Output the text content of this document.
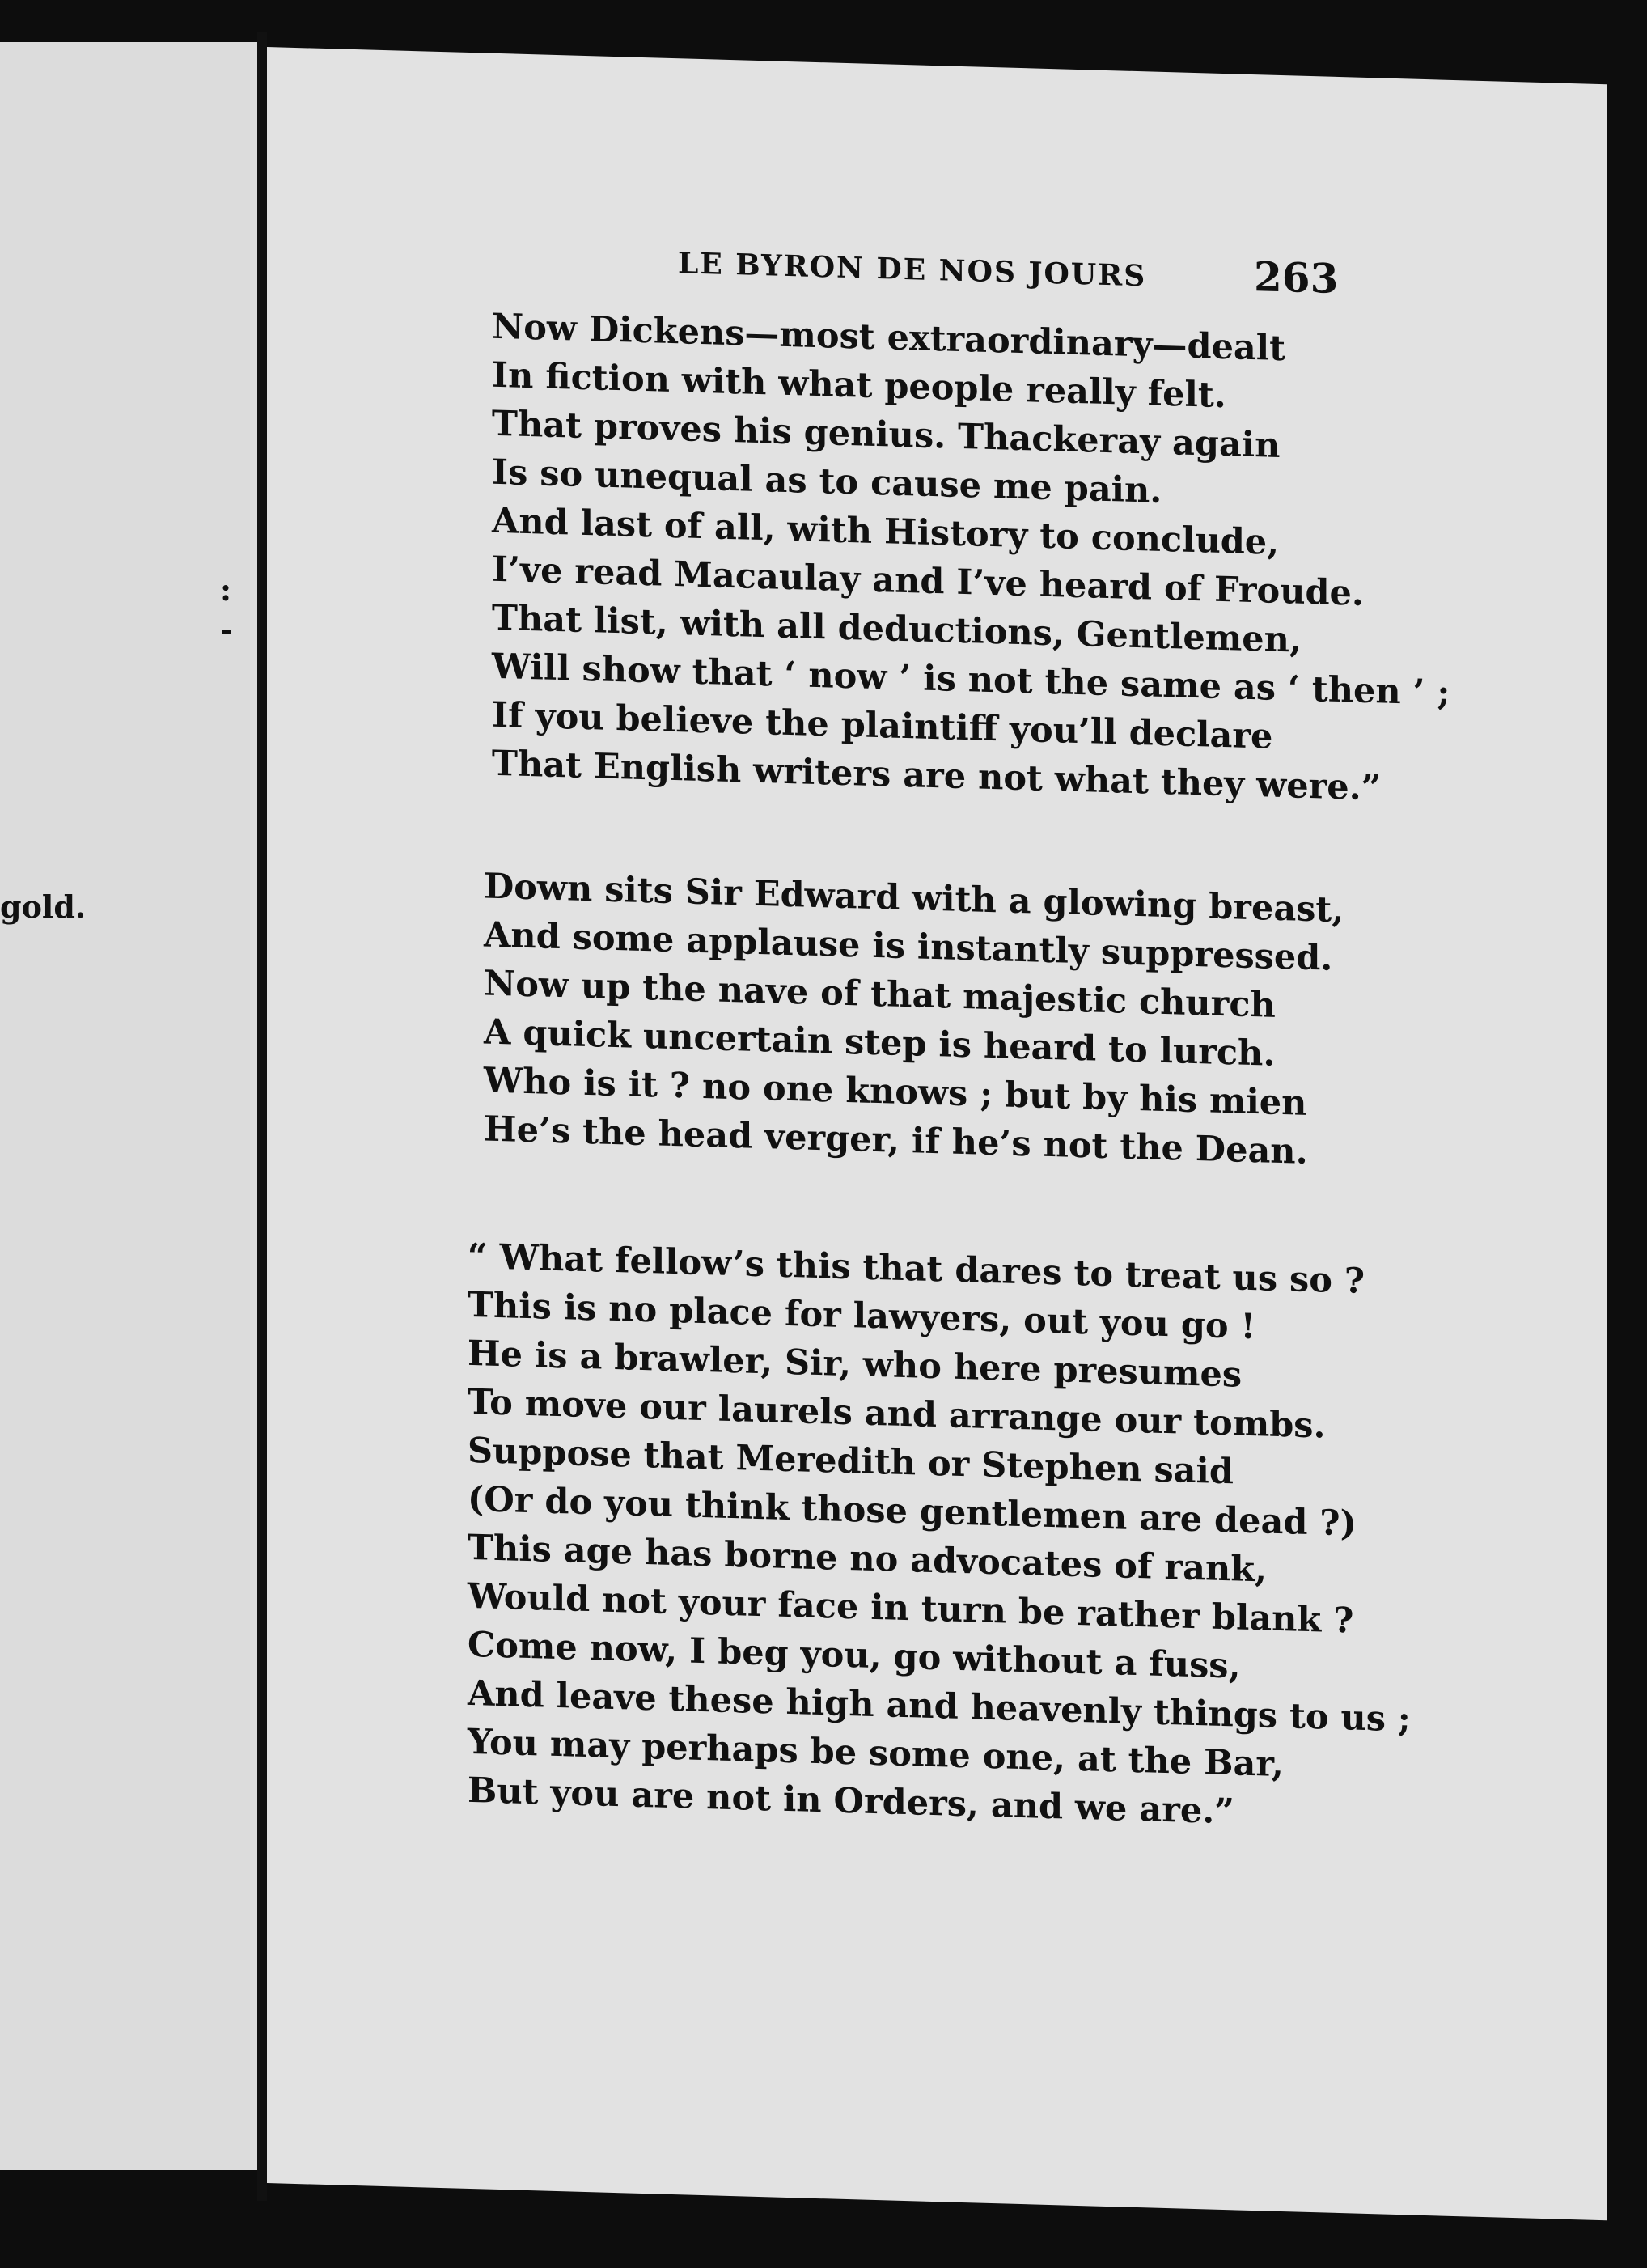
:
-
gold.
LE BYRON DE NOS JOURS	263
Now Dickens—most extraordinary—dealt
In fiction with what people really felt.
That proves his genius. Thackeray again
Is so unequal as to cause me pain.
And last of all, with History to conclude,
I’ve read Macaulay and I’ve heard of Froude.
That list, with all deductions, Gentlemen,
Will show that ‘ now ’ is not the same as ‘ then ’ ;
If you believe the plaintiff you’ll declare
That English writers are not what they were.”
Down sits Sir Edward with a glowing breast,
And some applause is instantly suppressed.
Now up the nave of that majestic church
A quick uncertain step is heard to lurch.
Who is it ? no one knows ; but by his mien
He’s the head verger, if he’s not the Dean.
“ What fellow’s this that dares to treat us so ?
This is no place for lawyers, out you go !
He is a brawler, Sir, who here presumes
To move our laurels and arrange our tombs.
Suppose that Meredith or Stephen said
(Or do you think those gentlemen are dead ?)
This age has borne no advocates of rank,
Would not your face in turn be rather blank ?
Come now, I beg you, go without a fuss,
And leave these high and heavenly things to us ;
You may perhaps be some one, at the Bar,
But you are not in Orders, and we are.”
